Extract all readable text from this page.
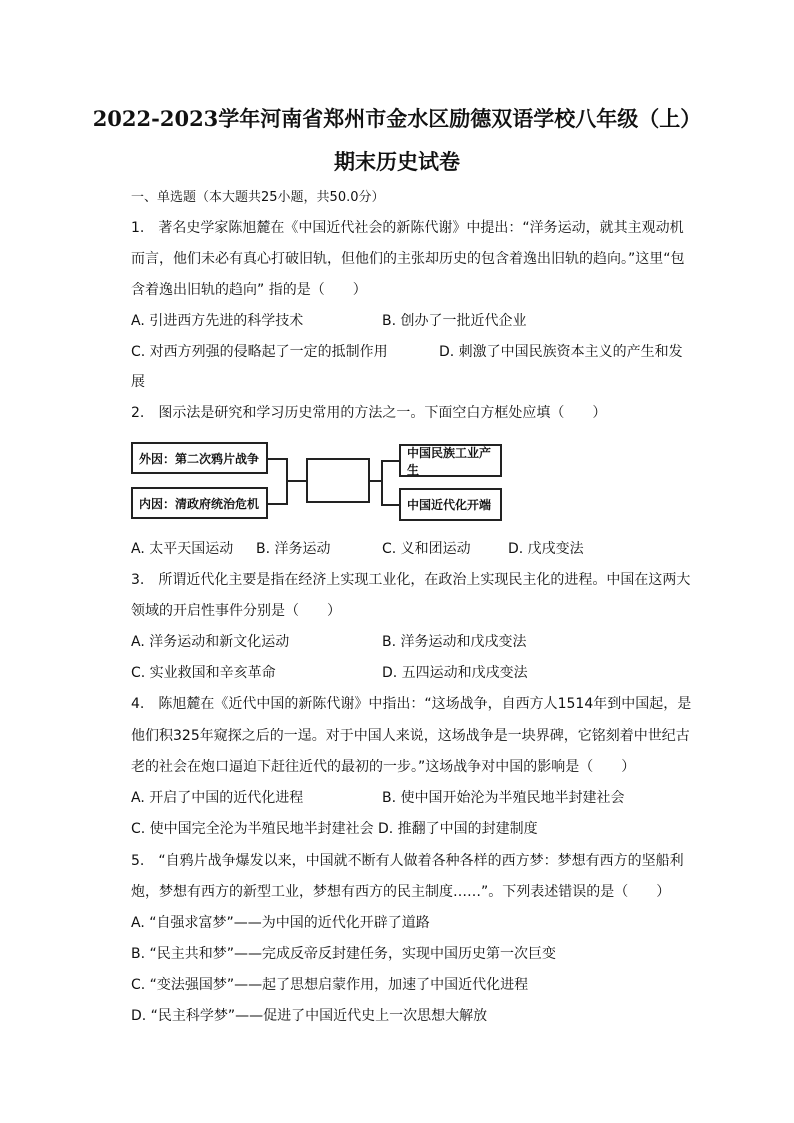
2022-2023学年河南省郑州市金水区励德双语学校八年级（上）
期末历史试卷
一、单选题（本大题共25小题，共50.0分）
1.　著名史学家陈旭麓在《中国近代社会的新陈代谢》中提出：“洋务运动，就其主观动机
而言，他们未必有真心打破旧轨，但他们的主张却历史的包含着逸出旧轨的趋向。”这里“包
含着逸出旧轨的趋向” 指的是（　　）
A. 引进西方先进的科学技术	B. 创办了一批近代企业
C. 对西方列强的侵略起了一定的抵制作用	D. 刺激了中国民族资本主义的产生和发
展
2.　图示法是研究和学习历史常用的方法之一。下面空白方框处应填（　　）
外因：第二次鸦片战争
内因：清政府统治危机
中国民族工业产生
中国近代化开端
A. 太平天国运动 B. 洋务运动	C. 义和团运动	D. 戊戌变法
3.　所谓近代化主要是指在经济上实现工业化，在政治上实现民主化的进程。中国在这两大
领域的开启性事件分别是（　　）
A. 洋务运动和新文化运动	B. 洋务运动和戊戌变法
C. 实业救国和辛亥革命	D. 五四运动和戊戌变法
4.　陈旭麓在《近代中国的新陈代谢》中指出：“这场战争，自西方人1514年到中国起，是
他们积325年窥探之后的一逞。对于中国人来说，这场战争是一块界碑，它铭刻着中世纪古
老的社会在炮口逼迫下赶往近代的最初的一步。”这场战争对中国的影响是（　　）
A. 开启了中国的近代化进程	B. 使中国开始沦为半殖民地半封建社会
C. 使中国完全沦为半殖民地半封建社会 D. 推翻了中国的封建制度
5.　“自鸦片战争爆发以来，中国就不断有人做着各种各样的西方梦：梦想有西方的坚船利
炮，梦想有西方的新型工业，梦想有西方的民主制度……”。下列表述错误的是（　　）
A. “自强求富梦”——为中国的近代化开辟了道路
B. “民主共和梦”——完成反帝反封建任务，实现中国历史第一次巨变
C. “变法强国梦”——起了思想启蒙作用，加速了中国近代化进程
D. “民主科学梦”——促进了中国近代史上一次思想大解放
